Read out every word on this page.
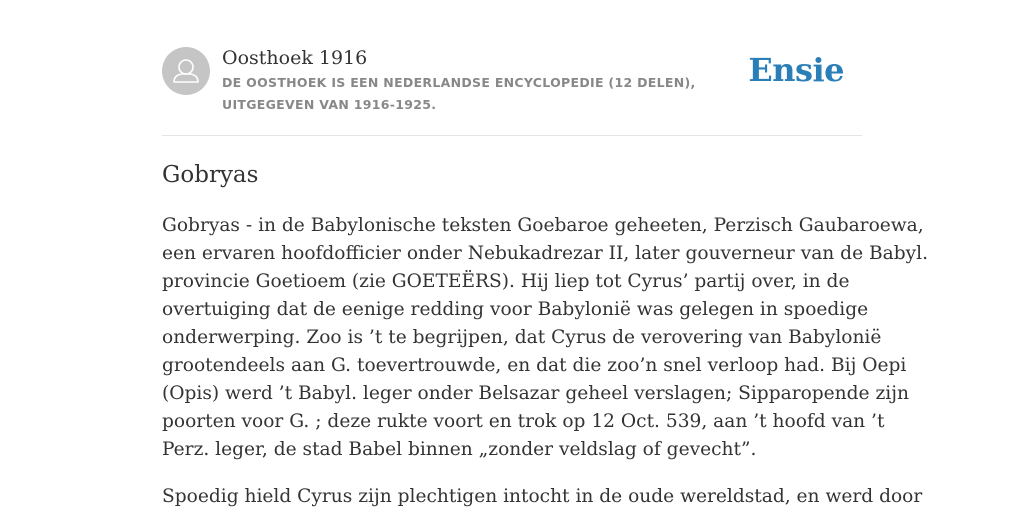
Oosthoek 1916
DE OOSTHOEK IS EEN NEDERLANDSE ENCYCLOPEDIE (12 DELEN), UITGEGEVEN VAN 1916-1925.
Ensie
Gobryas

Gobryas - in de Babylonische teksten Goebaroe geheeten, Perzisch Gaubaroewa,
een ervaren hoofdofficier onder Nebukadrezar II, later gouverneur van de Babyl.
provincie Goetioem (zie GOETEËRS). Hij liep tot Cyrus’ partij over, in de
overtuiging dat de eenige redding voor Babylonië was gelegen in spoedige
onderwerping. Zoo is ’t te begrijpen, dat Cyrus de verovering van Babylonië
grootendeels aan G. toevertrouwde, en dat die zoo’n snel verloop had. Bij Oepi
(Opis) werd ’t Babyl. leger onder Belsazar geheel verslagen; Sipparopende zijn
poorten voor G. ; deze rukte voort en trok op 12 Oct. 539, aan ’t hoofd van ’t
Perz. leger, de stad Babel binnen „zonder veldslag of gevecht”.

Spoedig hield Cyrus zijn plechtigen intocht in de oude wereldstad, en werd door
